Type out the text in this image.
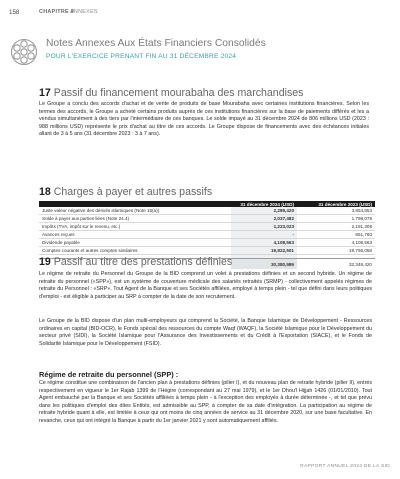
158	CHAPITRE 9
ANNEXES
Notes Annexes Aux États Financiers Consolidés
POUR L'EXERCICE PRENANT FIN AU 31 DÉCEMBRE 2024
17 Passif du financement mourabaha des marchandises
Le Groupe a conclu des accords d'achat et de vente de produits de base Mourabaha avec certaines institutions financières. Selon les termes des accords, le Groupe a acheté certains produits auprès de ces institutions financières sur la base de paiements différés et les a vendus simultanément à des tiers par l'intermédiaire de ces banques. Le solde impayé au 31 décembre 2024 de 806 millions USD (2023 : 988 millions USD) représente le prix d'achat au titre de ces accords. Le Groupe dispose de financements avec des échéances initiales allant de 3 à 5 ans (31 décembre 2023 : 3 à 7 ans).
18 Charges à payer et autres passifs
	31 décembre 2024 (USD)	31 décembre 2023 (USD)
Juste valeur négative des dérivés islamiques (Note 15(a))	2,289,420	3,854,653
Solde à payer aux parties liées (Note 24.4)	2,037,482	1,798,078
Impôts (TVA, impôt sur le revenu, etc.)	1,223,023	2,191,308
Avances reçues	-	851,760
Dividende payable	4,108,563	4,108,563
Comptes courants et autres comptes similaires	19,822,501	19,756,058

	30,380,989	32,348,420
19 Passif au titre des prestations définies
Le régime de retraite du Personnel du Groupe de la BID comprend un volet à prestations définies et un second hybride. Un régime de retraite du personnel («SPP»), est un système de couverture médicale des salariés retraités (SRMP) - collectivement appelés régimes de retraite du Personnel : «SRP». Tout Agent de la Banque et ses Sociétés affiliées, employé à temps plein - tel que défini dans leurs politiques d'emploi - est éligible à participer au SRP à compter de la date de son recrutement.
Le Groupe de la BID dispose d'un plan multi-employeurs qui comprend la Société, la Banque Islamique de Développement - Ressources ordinaires en capital (BID-OCR), le Fonds spécial des ressources du compte Waqf (WAQF), la Société Islamique pour le Développement du secteur privé (SIDI), la Société Islamique pour l'Assurance des Investissements et du Crédit à l'Exportation (SIACE), et le Fonds de Solidarité Islamique pour le Développement (FSID).
Régime de retraite du personnel (SPP) :
Ce régime constitue une combinaison de l'ancien plan à prestations définies (pilier I), et du nouveau plan de retraite hybride (pilier II), entrés respectivement en vigueur le 1er Rajab 1399 de l'Hégire (correspondant au 27 mai 1979), et le 1er Dhou'l Hijjah 1426 (01/01/2010). Tout Agent embauché par la Banque et ses Sociétés affiliées à temps plein - à l'exception des employés à durée déterminée -, et tel que prévu dans les politiques d'emploi des dites Entités, est admissible au SPP, à compter de sa date d'intégration. La participation au régime de retraite hybride quant à elle, est limitée à ceux qui ont moins de cinq années de service au 31 décembre 2020, sur une base facultative. En revanche, ceux qui ont intégré la Banque à partir du 1er janvier 2021 y sont automatiquement affiliés.
RAPPORT ANNUEL 2024 DE LA SID
